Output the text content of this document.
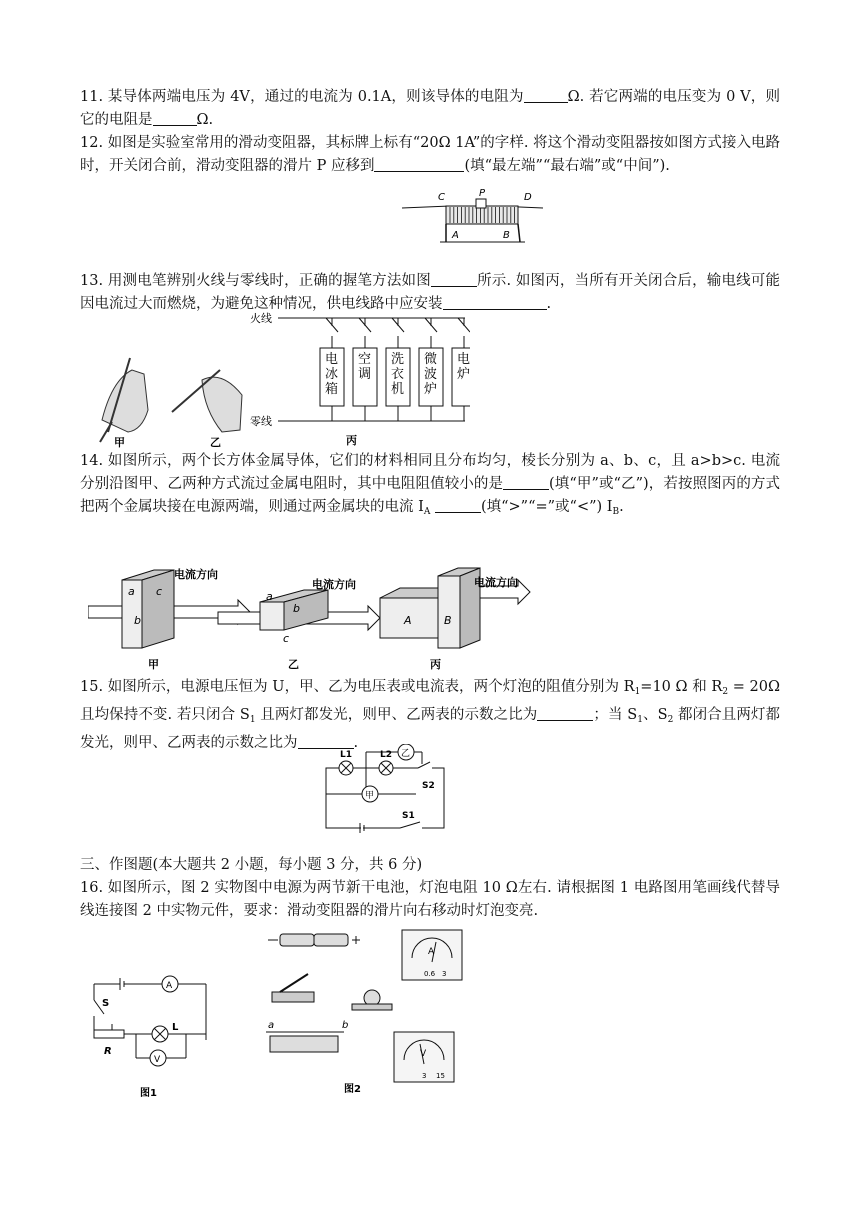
11. 某导体两端电压为 4V，通过的电流为 0.1A，则该导体的电阻为	Ω. 若它两端的电压变为 0 V，则它的电阻是	Ω.

12. 如图是实验室常用的滑动变阻器，其标牌上标有“20Ω 1A”的字样. 将这个滑动变阻器按如图方式接入电路时，开关闭合前，滑动变阻器的滑片 P 应移到	(填“最左端”“最右端”或“中间”).

C	P	D
A	B

13. 用测电笔辨别火线与零线时，正确的握笔方法如图	所示. 如图丙，当所有开关闭合后，输电线可能因电流过大而燃烧，为避免这种情况，供电线路中应安装	.

甲	乙
火线
零线
电
冰
箱
空
调
洗
衣
机
微
波
炉
电
炉
丙

14. 如图所示，两个长方体金属导体，它们的材料相同且分布均匀，棱长分别为 a、b、c，且 a>b>c. 电流分别沿图甲、乙两种方式流过金属电阻时，其中电阻阻值较小的是	(填“甲”或“乙”)，若按照图丙的方式把两个金属块接在电源两端，则通过两金属块的电流 $I_A$	(填“>”“=”或“<”) $I_B$.

a
b
c
电流方向
甲
a
b
c
电流方向
乙
A	B
电流方向
丙

15. 如图所示，电源电压恒为 U，甲、乙为电压表或电流表，两个灯泡的阻值分别为 $R_1=10$ Ω 和 $R_2 = 20\Omega$ 且均保持不变. 若只闭合 $S_1$ 且两灯都发光，则甲、乙两表的示数之比为	；当 $S_1$、$S_2$ 都闭合且两灯都发光，则甲、乙两表的示数之比为	.

L1	L2 乙
甲
S2
S1

三、作图题(本大题共 2 小题，每小题 3 分，共 6 分)

16. 如图所示，图 2 实物图中电源为两节新干电池，灯泡电阻 10 Ω左右. 请根据图 1 电路图用笔画线代替导线连接图 2 中实物元件，要求：滑动变阻器的滑片向右移动时灯泡变亮.

A
S
R
L
V
图1
a	b
图2
A
0.6 3
V
3 15
